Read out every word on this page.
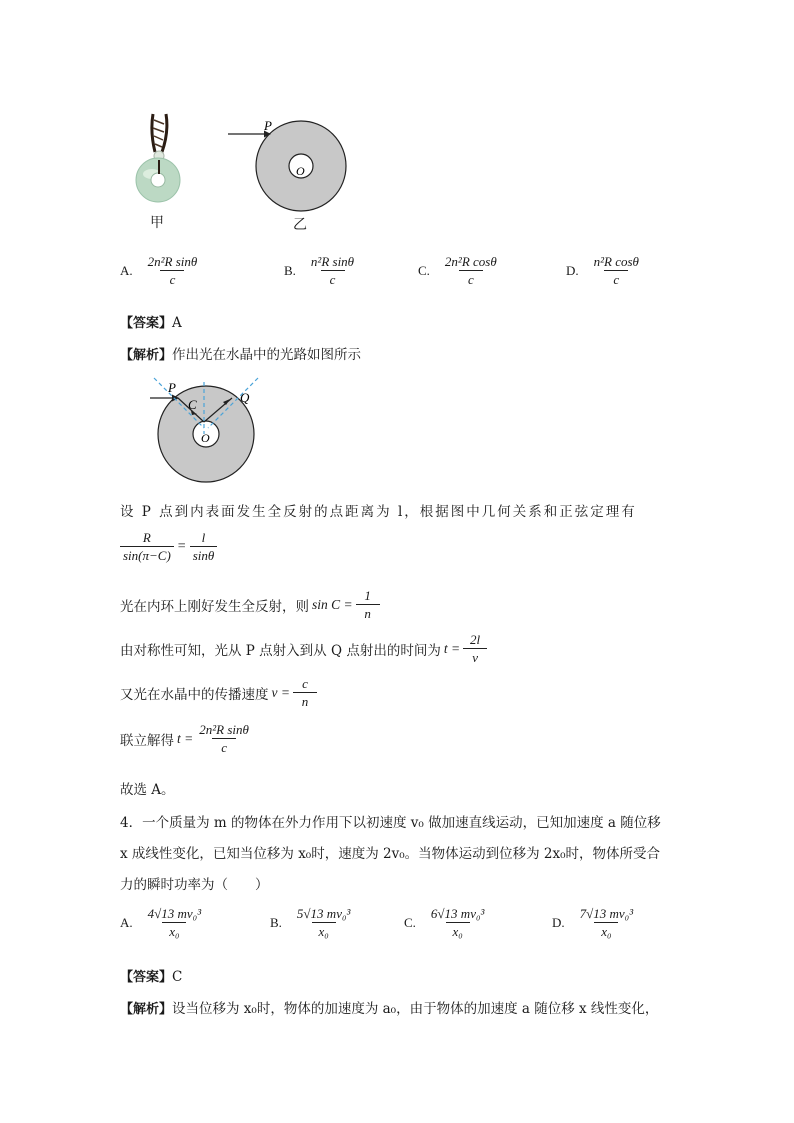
甲
P
O
乙
A. $\frac{\text{2n²R sinθ}}{c}$	B. $\frac{\text{n²R sinθ}}{c}$	C. $\frac{\text{2n²R cosθ}}{c}$	D. $\frac{\text{n²R cosθ}}{c}$
【答案】A
【解析】作出光在水晶中的光路如图所示
P
C	Q
O
设 P 点到内表面发生全反射的点距离为 l，根据图中几何关系和正弦定理有
$\frac{R}{\sin(\pi-C)} = \frac{l}{\sin\theta}$
光在内环上刚好发生全反射，则 $\sin C = \frac{1}{n}$
由对称性可知，光从 P 点射入到从 Q 点射出的时间为 $t = \frac{2l}{v}$
又光在水晶中的传播速度 $v = \frac{c}{n}$
联立解得 $t = \frac{\text{2n²R sinθ}}{c}$
故选 A。
4．一个质量为 m 的物体在外力作用下以初速度 v₀ 做加速直线运动，已知加速度 a 随位移
x 成线性变化，已知当位移为 x₀时，速度为 2v₀。当物体运动到位移为 2x₀时，物体所受合
力的瞬时功率为（　　）
A. $\frac{\text{4√13 mv₀³}}{\text{x₀}}$	B. $\frac{\text{5√13 mv₀³}}{\text{x₀}}$	C. $\frac{\text{6√13 mv₀³}}{\text{x₀}}$	D. $\frac{\text{7√13 mv₀³}}{\text{x₀}}$
【答案】C
【解析】设当位移为 x₀时，物体的加速度为 a₀，由于物体的加速度 a 随位移 x 线性变化，
